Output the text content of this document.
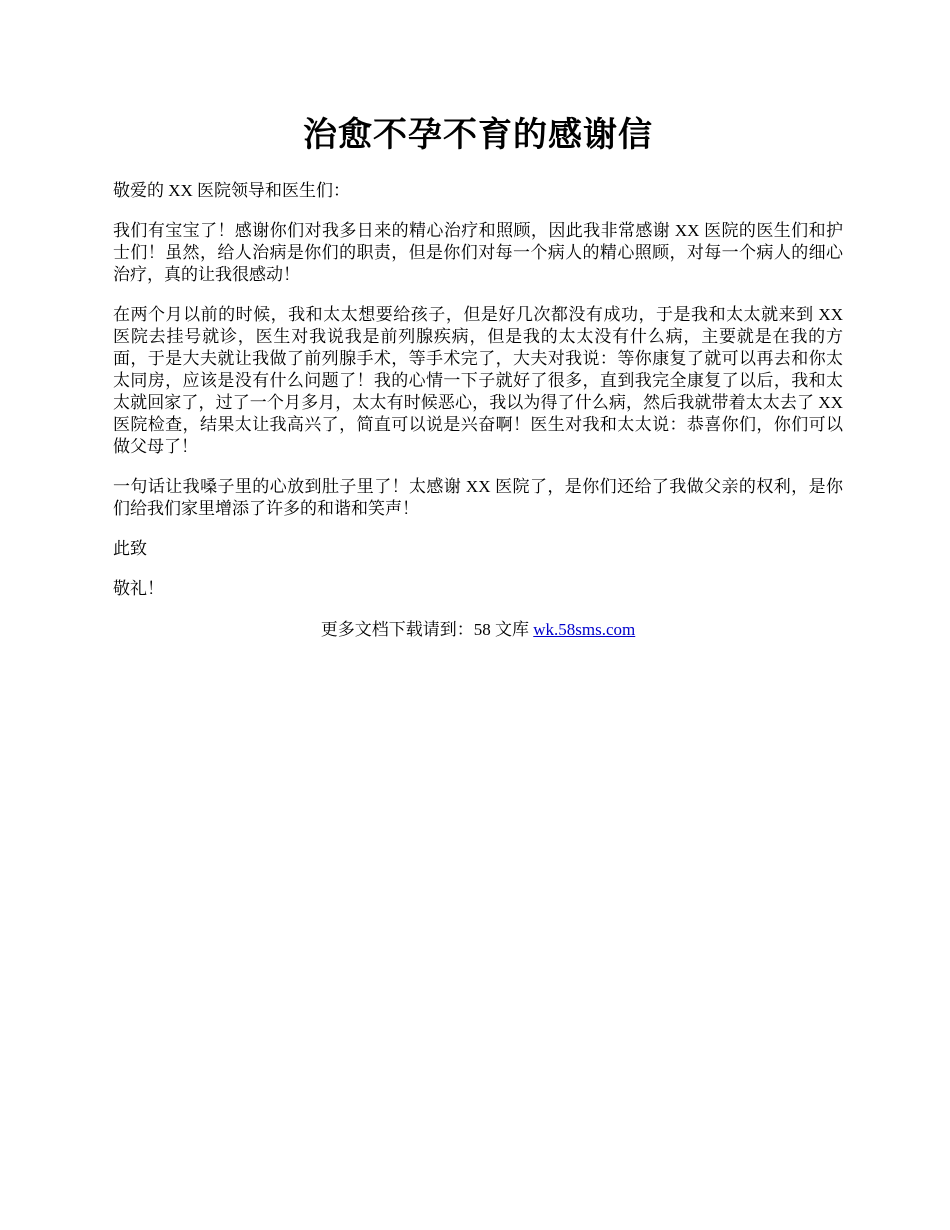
治愈不孕不育的感谢信

敬爱的 XX 医院领导和医生们：

我们有宝宝了！感谢你们对我多日来的精心治疗和照顾，因此我非常感谢 XX 医院的医生们和护士们！虽然，给人治病是你们的职责，但是你们对每一个病人的精心照顾，对每一个病人的细心治疗，真的让我很感动！

在两个月以前的时候，我和太太想要给孩子，但是好几次都没有成功，于是我和太太就来到 XX 医院去挂号就诊，医生对我说我是前列腺疾病，但是我的太太没有什么病，主要就是在我的方面，于是大夫就让我做了前列腺手术，等手术完了，大夫对我说：等你康复了就可以再去和你太太同房，应该是没有什么问题了！我的心情一下子就好了很多，直到我完全康复了以后，我和太太就回家了，过了一个月多月，太太有时候恶心，我以为得了什么病，然后我就带着太太去了 XX 医院检查，结果太让我高兴了，简直可以说是兴奋啊！医生对我和太太说：恭喜你们，你们可以做父母了！

一句话让我嗓子里的心放到肚子里了！太感谢 XX 医院了，是你们还给了我做父亲的权利，是你们给我们家里增添了许多的和谐和笑声！

此致

敬礼！

更多文档下载请到：58 文库 wk.58sms.com
